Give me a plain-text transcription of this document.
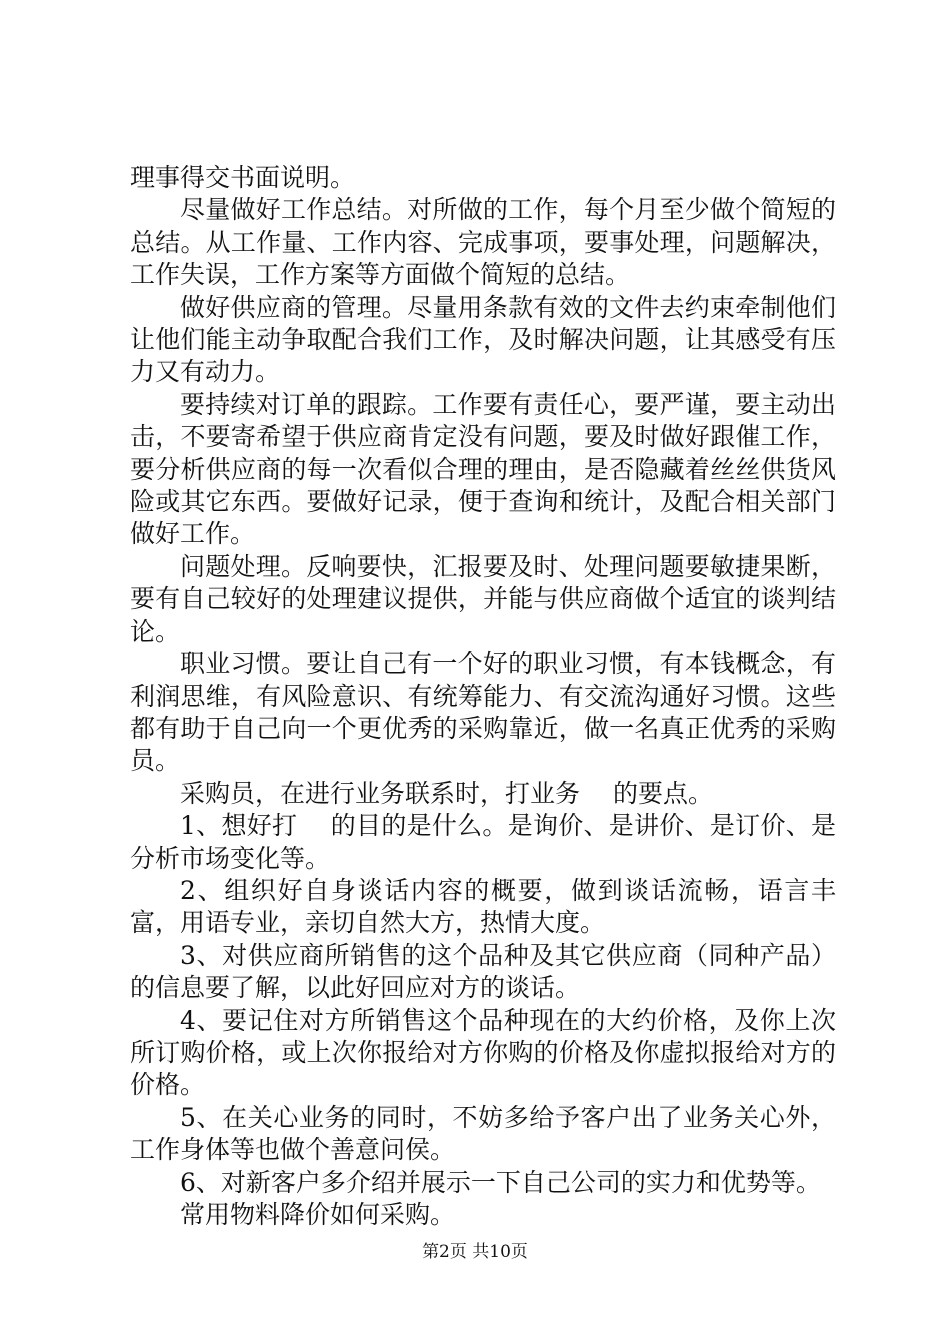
理事得交书面说明。

尽量做好工作总结。对所做的工作，每个月至少做个简短的总结。从工作量、工作内容、完成事项，要事处理，问题解决，工作失误，工作方案等方面做个简短的总结。

做好供应商的管理。尽量用条款有效的文件去约束牵制他们让他们能主动争取配合我们工作，及时解决问题，让其感受有压力又有动力。

要持续对订单的跟踪。工作要有责任心，要严谨，要主动出击，不要寄希望于供应商肯定没有问题，要及时做好跟催工作，要分析供应商的每一次看似合理的理由，是否隐藏着丝丝供货风险或其它东西。要做好记录，便于查询和统计，及配合相关部门做好工作。

问题处理。反响要快，汇报要及时、处理问题要敏捷果断，要有自己较好的处理建议提供，并能与供应商做个适宜的谈判结论。

职业习惯。要让自己有一个好的职业习惯，有本钱概念，有利润思维，有风险意识、有统筹能力、有交流沟通好习惯。这些都有助于自己向一个更优秀的采购靠近，做一名真正优秀的采购员。

采购员，在进行业务联系时，打业务　 的要点。

1、想好打　 的目的是什么。是询价、是讲价、是订价、是分析市场变化等。

2、组织好自身谈话内容的概要，做到谈话流畅，语言丰富，用语专业，亲切自然大方，热情大度。

3、对供应商所销售的这个品种及其它供应商（同种产品）的信息要了解，以此好回应对方的谈话。

4、要记住对方所销售这个品种现在的大约价格，及你上次所订购价格，或上次你报给对方你购的价格及你虚拟报给对方的价格。

5、在关心业务的同时，不妨多给予客户出了业务关心外，工作身体等也做个善意问侯。

6、对新客户多介绍并展示一下自己公司的实力和优势等。

常用物料降价如何采购。

第2页 共10页
